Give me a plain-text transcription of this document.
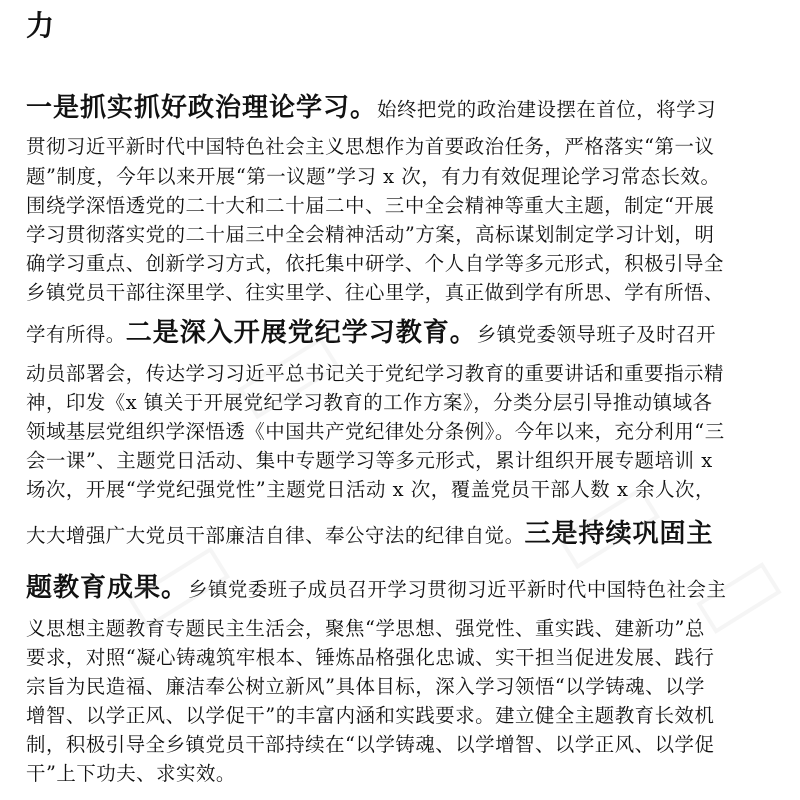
力
一是抓实抓好政治理论学习。始终把党的政治建设摆在首位，将学习
贯彻习近平新时代中国特色社会主义思想作为首要政治任务，严格落实“第一议
题”制度，今年以来开展“第一议题”学习 x 次，有力有效促理论学习常态长效。
围绕学深悟透党的二十大和二十届二中、三中全会精神等重大主题，制定“开展
学习贯彻落实党的二十届三中全会精神活动”方案，高标谋划制定学习计划，明
确学习重点、创新学习方式，依托集中研学、个人自学等多元形式，积极引导全
乡镇党员干部往深里学、往实里学、往心里学，真正做到学有所思、学有所悟、
学有所得。二是深入开展党纪学习教育。乡镇党委领导班子及时召开
动员部署会，传达学习习近平总书记关于党纪学习教育的重要讲话和重要指示精
神，印发《x 镇关于开展党纪学习教育的工作方案》，分类分层引导推动镇域各
领域基层党组织学深悟透《中国共产党纪律处分条例》。今年以来，充分利用“三
会一课”、主题党日活动、集中专题学习等多元形式，累计组织开展专题培训 x
场次，开展“学党纪强党性”主题党日活动 x 次，覆盖党员干部人数 x 余人次，
大大增强广大党员干部廉洁自律、奉公守法的纪律自觉。三是持续巩固主
题教育成果。乡镇党委班子成员召开学习贯彻习近平新时代中国特色社会主
义思想主题教育专题民主生活会，聚焦“学思想、强党性、重实践、建新功”总
要求，对照“凝心铸魂筑牢根本、锤炼品格强化忠诚、实干担当促进发展、践行
宗旨为民造福、廉洁奉公树立新风”具体目标，深入学习领悟“以学铸魂、以学
增智、以学正风、以学促干”的丰富内涵和实践要求。建立健全主题教育长效机
制，积极引导全乡镇党员干部持续在“以学铸魂、以学增智、以学正风、以学促
干”上下功夫、求实效。
